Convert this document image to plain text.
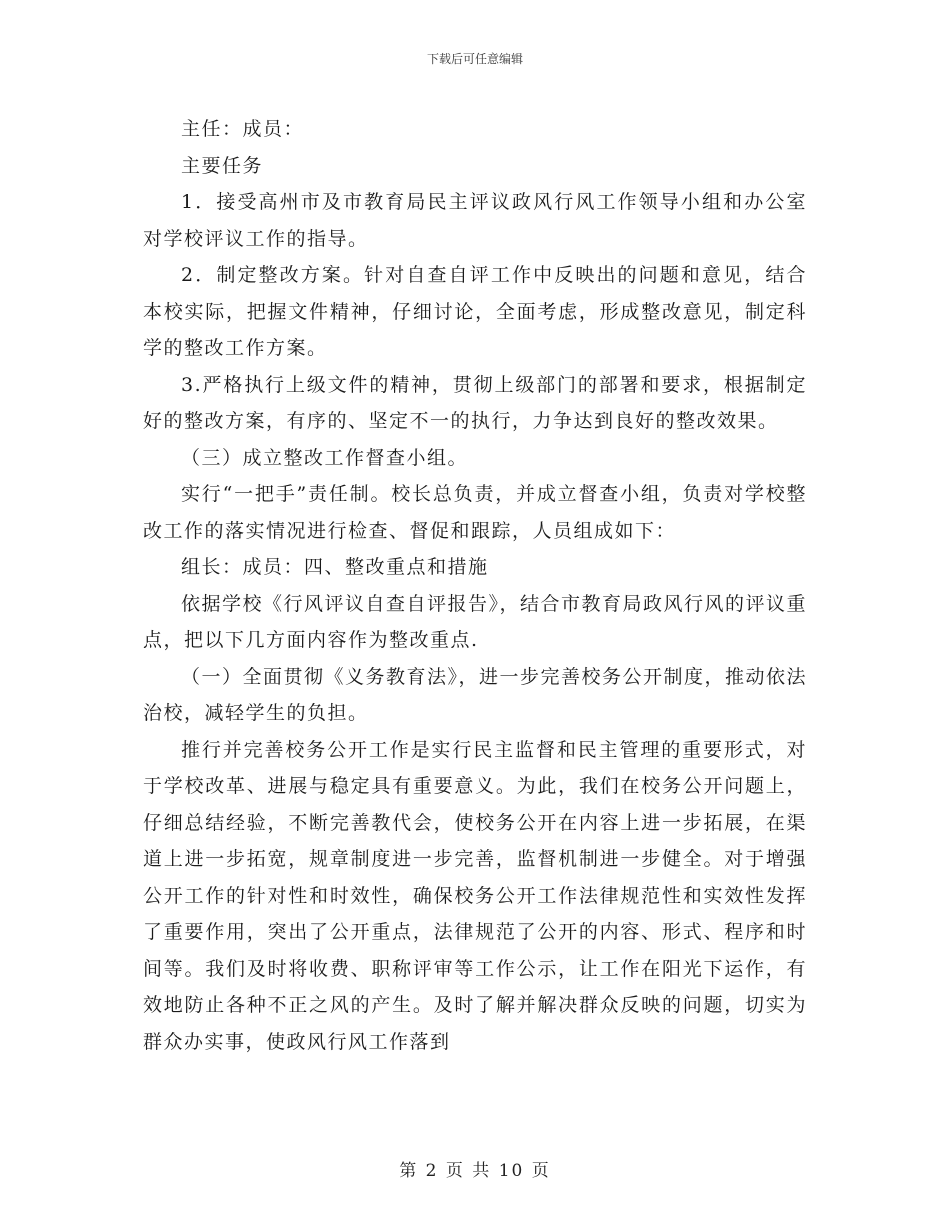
下载后可任意编辑

主任：成员：

主要任务

1．接受高州市及市教育局民主评议政风行风工作领导小组和办公室对学校评议工作的指导。

2．制定整改方案。针对自查自评工作中反映出的问题和意见，结合本校实际，把握文件精神，仔细讨论，全面考虑，形成整改意见，制定科学的整改工作方案。

3.严格执行上级文件的精神，贯彻上级部门的部署和要求，根据制定好的整改方案，有序的、坚定不一的执行，力争达到良好的整改效果。

（三）成立整改工作督查小组。

实行“一把手”责任制。校长总负责，并成立督查小组，负责对学校整改工作的落实情况进行检查、督促和跟踪，人员组成如下：

组长：成员：四、整改重点和措施

依据学校《行风评议自查自评报告》，结合市教育局政风行风的评议重点，把以下几方面内容作为整改重点.

（一）全面贯彻《义务教育法》，进一步完善校务公开制度，推动依法治校，减轻学生的负担。

推行并完善校务公开工作是实行民主监督和民主管理的重要形式，对于学校改革、进展与稳定具有重要意义。为此，我们在校务公开问题上，仔细总结经验，不断完善教代会，使校务公开在内容上进一步拓展，在渠道上进一步拓宽，规章制度进一步完善，监督机制进一步健全。对于增强公开工作的针对性和时效性，确保校务公开工作法律规范性和实效性发挥了重要作用，突出了公开重点，法律规范了公开的内容、形式、程序和时间等。我们及时将收费、职称评审等工作公示，让工作在阳光下运作，有效地防止各种不正之风的产生。及时了解并解决群众反映的问题，切实为群众办实事，使政风行风工作落到

第 2 页 共 10 页
